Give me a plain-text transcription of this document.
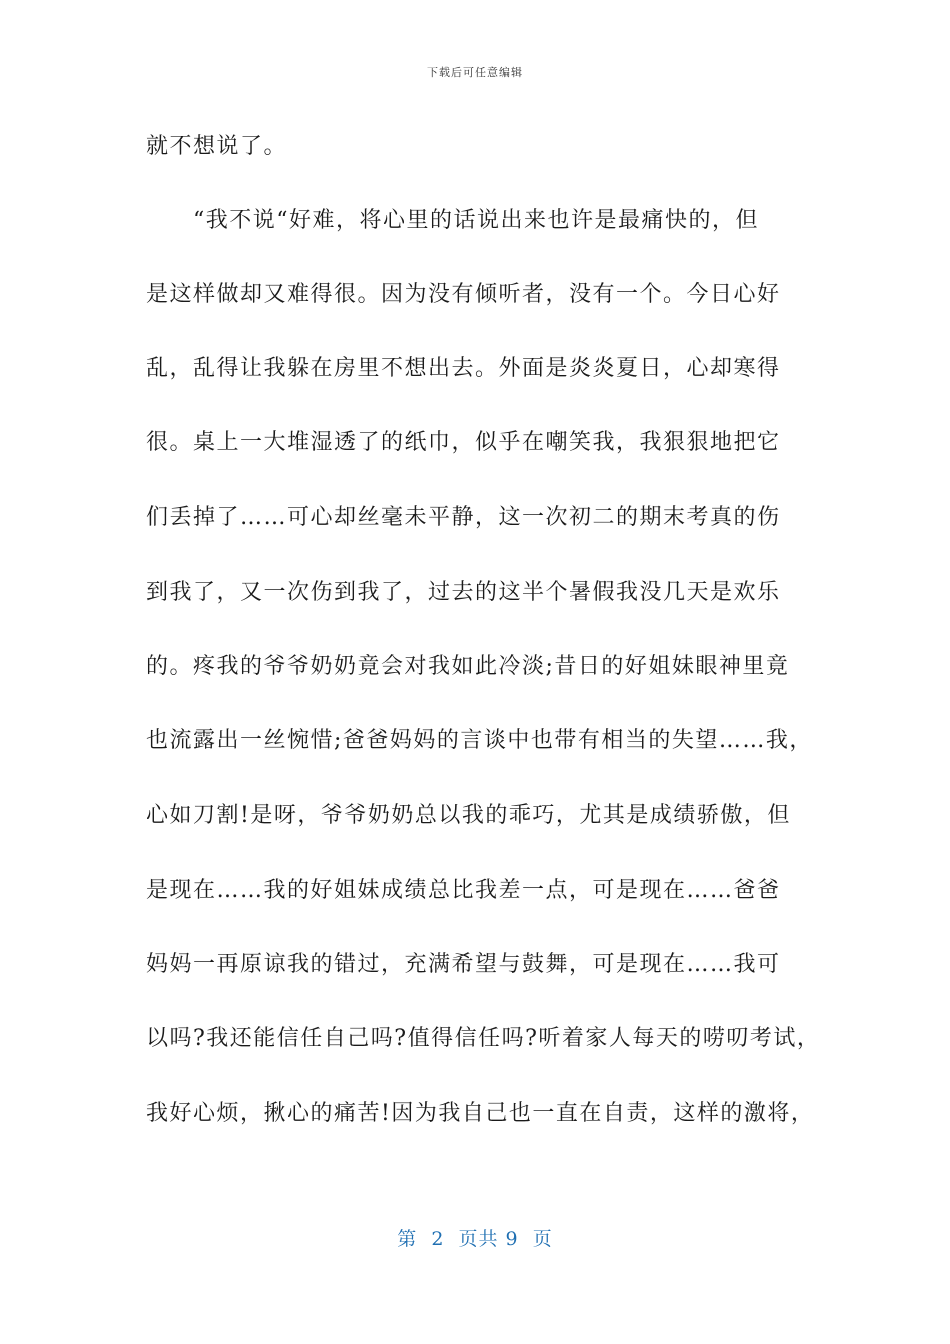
下载后可任意编辑
就不想说了。
　　“我不说“好难，将心里的话说出来也许是最痛快的，但
是这样做却又难得很。因为没有倾听者，没有一个。今日心好
乱，乱得让我躲在房里不想出去。外面是炎炎夏日，心却寒得
很。桌上一大堆湿透了的纸巾，似乎在嘲笑我，我狠狠地把它
们丢掉了……可心却丝毫未平静，这一次初二的期末考真的伤
到我了，又一次伤到我了，过去的这半个暑假我没几天是欢乐
的。疼我的爷爷奶奶竟会对我如此冷淡;昔日的好姐妹眼神里竟
也流露出一丝惋惜;爸爸妈妈的言谈中也带有相当的失望……我，
心如刀割!是呀，爷爷奶奶总以我的乖巧，尤其是成绩骄傲，但
是现在……我的好姐妹成绩总比我差一点，可是现在……爸爸
妈妈一再原谅我的错过，充满希望与鼓舞，可是现在……我可
以吗?我还能信任自己吗?值得信任吗?听着家人每天的唠叨考试，
我好心烦，揪心的痛苦!因为我自己也一直在自责，这样的激将，
第  2  页共 9  页
